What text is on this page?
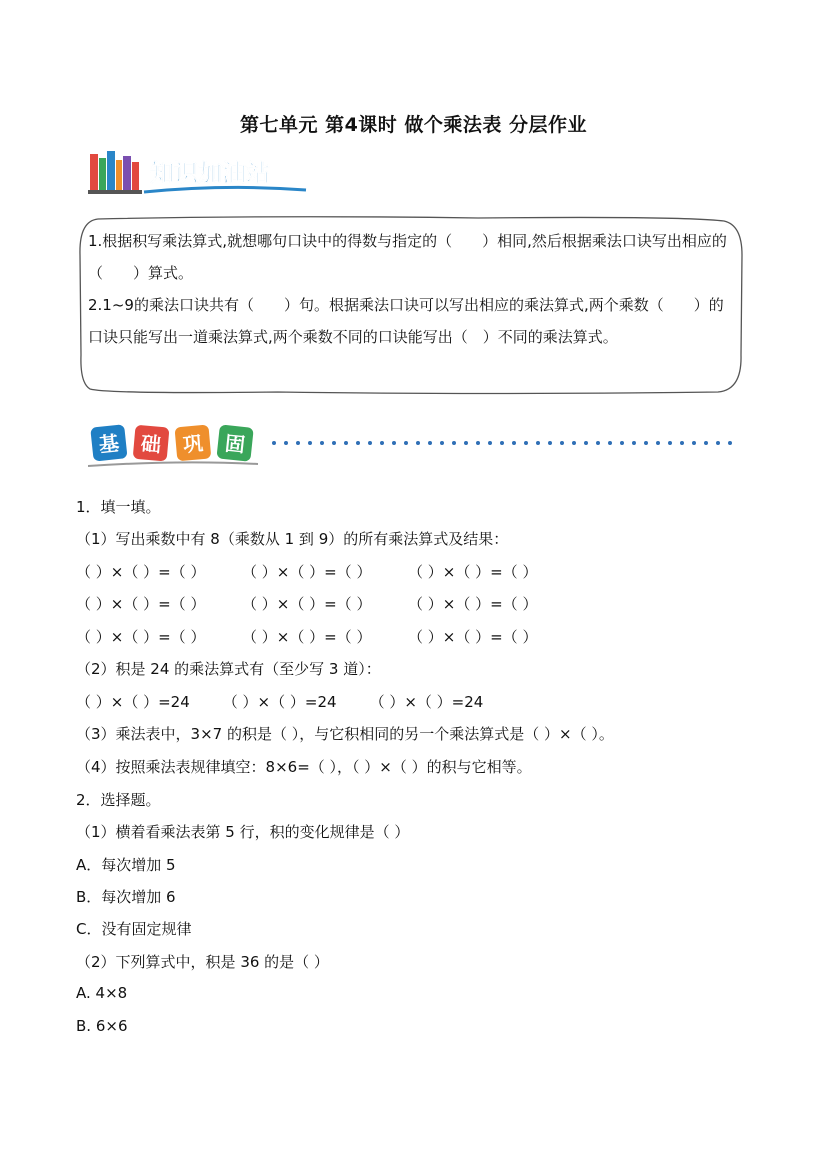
第七单元 第4课时 做个乘法表 分层作业
知识加油站

1.根据积写乘法算式,就想哪句口诀中的得数与指定的（　　）相同,然后根据乘法口诀写出相应的（　　）算式。

2.1~9的乘法口诀共有（　　）句。根据乘法口诀可以写出相应的乘法算式,两个乘数（　　）的口诀只能写出一道乘法算式,两个乘数不同的口诀能写出（　）不同的乘法算式。

基 础 巩 固
1．填一填。
（1）写出乘数中有 8（乘数从 1 到 9）的所有乘法算式及结果：
（ ）×（ ）=（ ）	（ ）×（ ）=（ ）	（ ）×（ ）=（ ）
（ ）×（ ）=（ ）	（ ）×（ ）=（ ）	（ ）×（ ）=（ ）
（ ）×（ ）=（ ）	（ ）×（ ）=（ ）	（ ）×（ ）=（ ）
（2）积是 24 的乘法算式有（至少写 3 道）：
（ ）×（ ）=24 （ ）×（ ）=24 （ ）×（ ）=24
（3）乘法表中，3×7 的积是（ ），与它积相同的另一个乘法算式是（ ）×（ ）。
（4）按照乘法表规律填空：8×6=（ ），（ ）×（ ）的积与它相等。
2．选择题。
（1）横着看乘法表第 5 行，积的变化规律是（ ）
A．每次增加 5
B．每次增加 6
C．没有固定规律
（2）下列算式中，积是 36 的是（ ）
A. 4×8
B. 6×6
